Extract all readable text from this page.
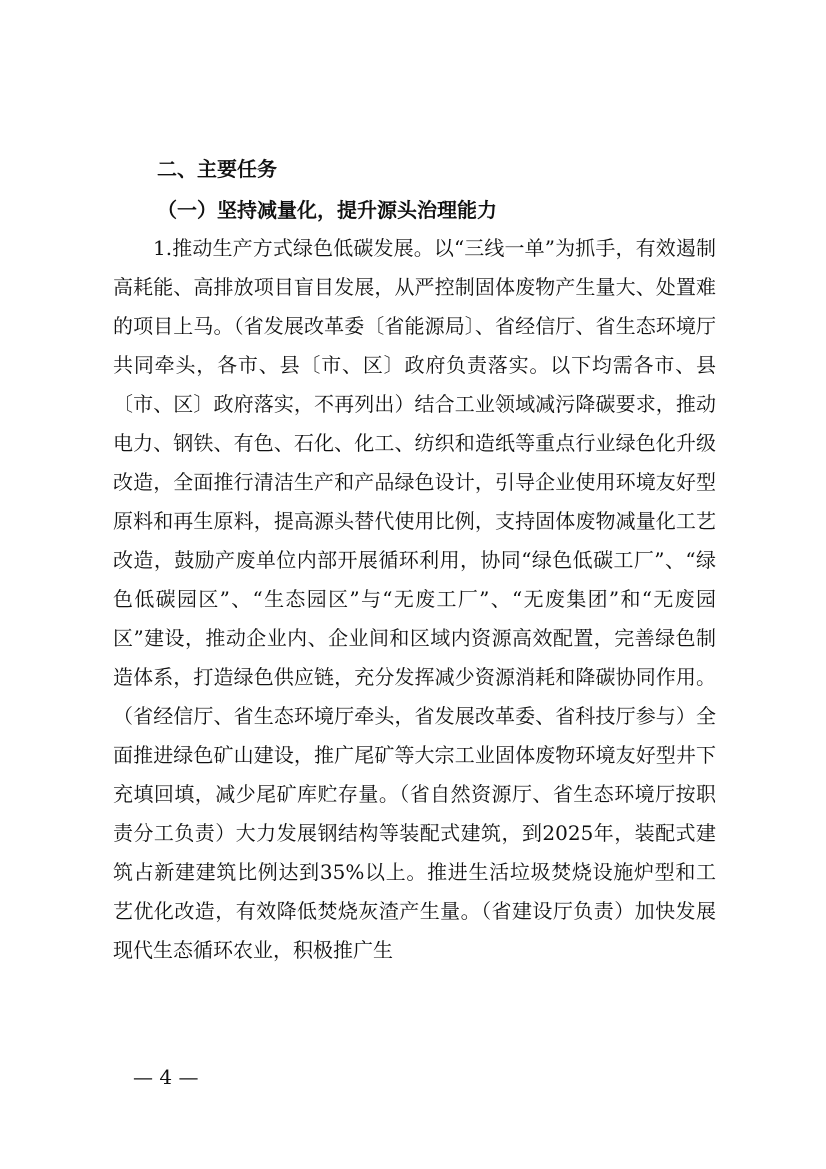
二、主要任务
（一）坚持减量化，提升源头治理能力

1.推动生产方式绿色低碳发展。以“三线一单”为抓手，有效遏制高耗能、高排放项目盲目发展，从严控制固体废物产生量大、处置难的项目上马。（省发展改革委〔省能源局〕、省经信厅、省生态环境厅共同牵头，各市、县〔市、区〕政府负责落实。以下均需各市、县〔市、区〕政府落实，不再列出）结合工业领域减污降碳要求，推动电力、钢铁、有色、石化、化工、纺织和造纸等重点行业绿色化升级改造，全面推行清洁生产和产品绿色设计，引导企业使用环境友好型原料和再生原料，提高源头替代使用比例，支持固体废物减量化工艺改造，鼓励产废单位内部开展循环利用，协同“绿色低碳工厂”、“绿色低碳园区”、“生态园区”与“无废工厂”、“无废集团”和“无废园区”建设，推动企业内、企业间和区域内资源高效配置，完善绿色制造体系，打造绿色供应链，充分发挥减少资源消耗和降碳协同作用。（省经信厅、省生态环境厅牵头，省发展改革委、省科技厅参与）全面推进绿色矿山建设，推广尾矿等大宗工业固体废物环境友好型井下充填回填，减少尾矿库贮存量。（省自然资源厅、省生态环境厅按职责分工负责）大力发展钢结构等装配式建筑，到2025年，装配式建筑占新建建筑比例达到35%以上。推进生活垃圾焚烧设施炉型和工艺优化改造，有效降低焚烧灰渣产生量。（省建设厅负责）加快发展现代生态循环农业，积极推广生

— 4 —
